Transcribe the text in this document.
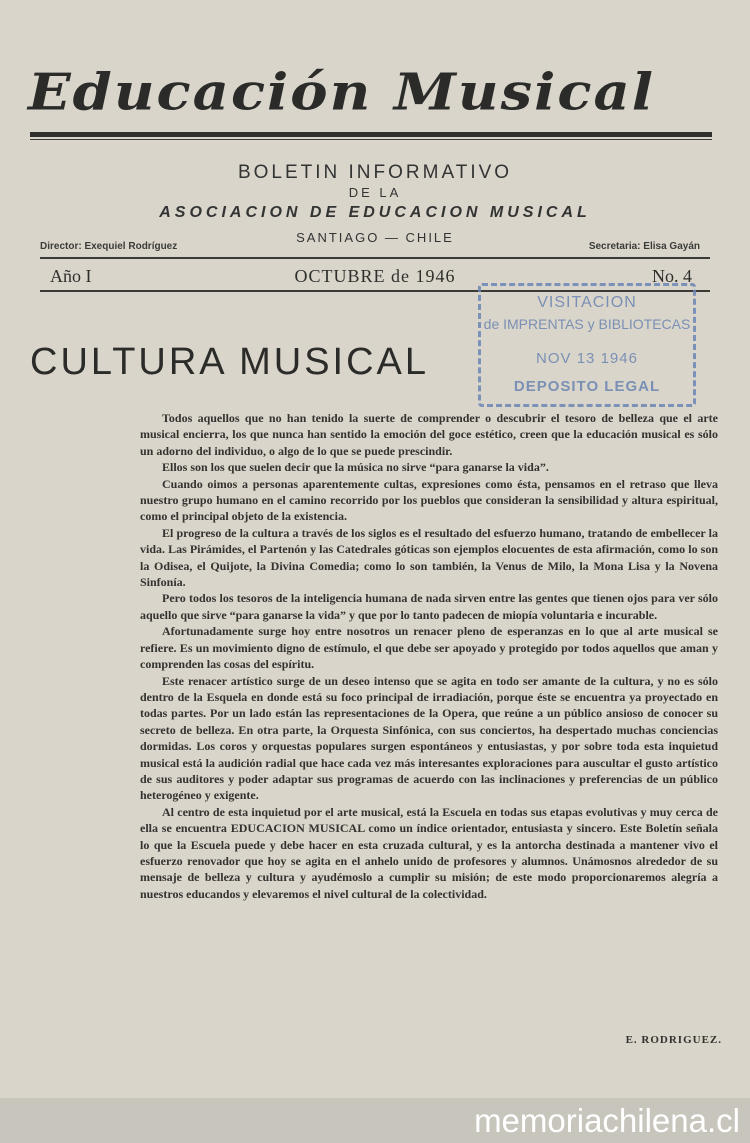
Educación Musical
BOLETIN INFORMATIVO
DE LA
ASOCIACION DE EDUCACION MUSICAL
SANTIAGO — CHILE
Director: Exequiel Rodríguez	Secretaria: Elisa Gayán
Año I	OCTUBRE de 1946	No. 4
VISITACION
de IMPRENTAS y BIBLIOTECAS
NOV 13 1946
DEPOSITO LEGAL
CULTURA MUSICAL

Todos aquellos que no han tenido la suerte de comprender o descubrir el tesoro de belleza que el arte musical encierra, los que nunca han sentido la emoción del goce estético, creen que la educación musical es sólo un adorno del individuo, o algo de lo que se puede prescindir.

Ellos son los que suelen decir que la música no sirve “para ganarse la vida”.

Cuando oimos a personas aparentemente cultas, expresiones como ésta, pensamos en el retraso que lleva nuestro grupo humano en el camino recorrido por los pueblos que consideran la sensibilidad y altura espiritual, como el principal objeto de la existencia.

El progreso de la cultura a través de los siglos es el resultado del esfuerzo humano, tratando de embellecer la vida. Las Pirámides, el Partenón y las Catedrales góticas son ejemplos elocuentes de esta afirmación, como lo son la Odisea, el Quijote, la Divina Comedia; como lo son también, la Venus de Milo, la Mona Lisa y la Novena Sinfonía.

Pero todos los tesoros de la inteligencia humana de nada sirven entre las gentes que tienen ojos para ver sólo aquello que sirve “para ganarse la vida” y que por lo tanto padecen de miopía voluntaria e incurable.

Afortunadamente surge hoy entre nosotros un renacer pleno de esperanzas en lo que al arte musical se refiere. Es un movimiento digno de estímulo, el que debe ser apoyado y protegido por todos aquellos que aman y comprenden las cosas del espíritu.

Este renacer artístico surge de un deseo intenso que se agita en todo ser amante de la cultura, y no es sólo dentro de la Esquela en donde está su foco principal de irradiación, porque éste se encuentra ya proyectado en todas partes. Por un lado están las representaciones de la Opera, que reúne a un público ansioso de conocer su secreto de belleza. En otra parte, la Orquesta Sinfónica, con sus conciertos, ha despertado muchas conciencias dormidas. Los coros y orquestas populares surgen espontáneos y entusiastas, y por sobre toda esta inquietud musical está la audición radial que hace cada vez más interesantes exploraciones para auscultar el gusto artístico de sus auditores y poder adaptar sus programas de acuerdo con las inclinaciones y preferencias de un público heterogéneo y exigente.

Al centro de esta inquietud por el arte musical, está la Escuela en todas sus etapas evolutivas y muy cerca de ella se encuentra EDUCACION MUSICAL como un índice orientador, entusiasta y sincero. Este Boletín señala lo que la Escuela puede y debe hacer en esta cruzada cultural, y es la antorcha destinada a mantener vivo el esfuerzo renovador que hoy se agita en el anhelo unido de profesores y alumnos. Unámosnos alrededor de su mensaje de belleza y cultura y ayudémoslo a cumplir su misión; de este modo proporcionaremos alegría a nuestros educandos y elevaremos el nivel cultural de la colectividad.

E. RODRIGUEZ.
memoriachilena.cl
